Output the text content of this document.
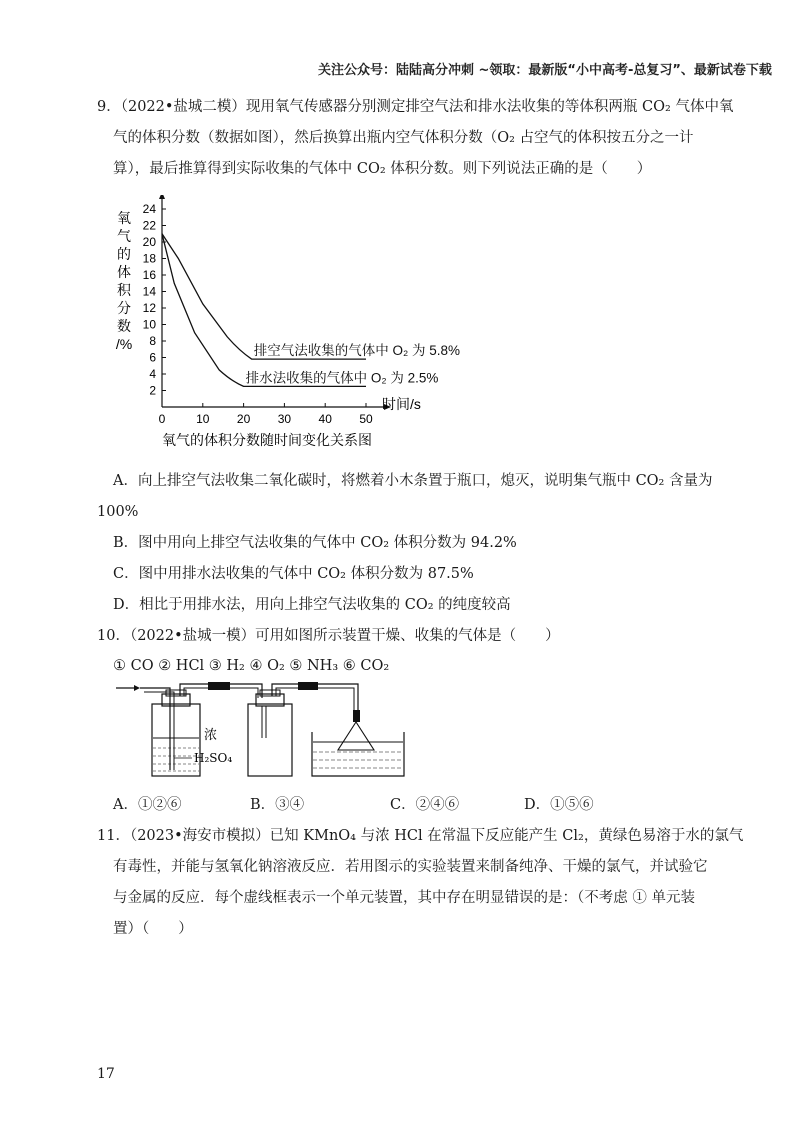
关注公众号：陆陆高分冲刺 ~领取：最新版“小中高考-总复习”、最新试卷下载
9．（2022•盐城二模）现用氧气传感器分别测定排空气法和排水法收集的等体积两瓶 CO₂ 气体中氧
气的体积分数（数据如图），然后换算出瓶内空气体积分数（O₂ 占空气的体积按五分之一计
算），最后推算得到实际收集的气体中 CO₂ 体积分数。则下列说法正确的是（　　）
氧
气
的
体
积
分
数
/%
2
4
6
8
10
12
14
16
18
20
22
24
0	10 20 30 40 50
排空气法收集的气体中 O₂ 为 5.8%
排水法收集的气体中 O₂ 为 2.5%
时间/s
氧气的体积分数随时间变化关系图
A．向上排空气法收集二氧化碳时，将燃着小木条置于瓶口，熄灭，说明集气瓶中 CO₂ 含量为
100%
B．图中用向上排空气法收集的气体中 CO₂ 体积分数为 94.2%
C．图中用排水法收集的气体中 CO₂ 体积分数为 87.5%
D．相比于用排水法，用向上排空气法收集的 CO₂ 的纯度较高
10．（2022•盐城一模）可用如图所示装置干燥、收集的气体是（　　）
① CO ② HCl ③ H₂ ④ O₂ ⑤ NH₃ ⑥ CO₂
浓
H₂SO₄
A．①②⑥	B．③④	C．②④⑥	D．①⑤⑥
11．（2023•海安市模拟）已知 KMnO₄ 与浓 HCl 在常温下反应能产生 Cl₂，黄绿色易溶于水的氯气
有毒性，并能与氢氧化钠溶液反应．若用图示的实验装置来制备纯净、干燥的氯气，并试验它
与金属的反应．每个虚线框表示一个单元装置，其中存在明显错误的是：（不考虑 ① 单元装
置）（　　）
17
